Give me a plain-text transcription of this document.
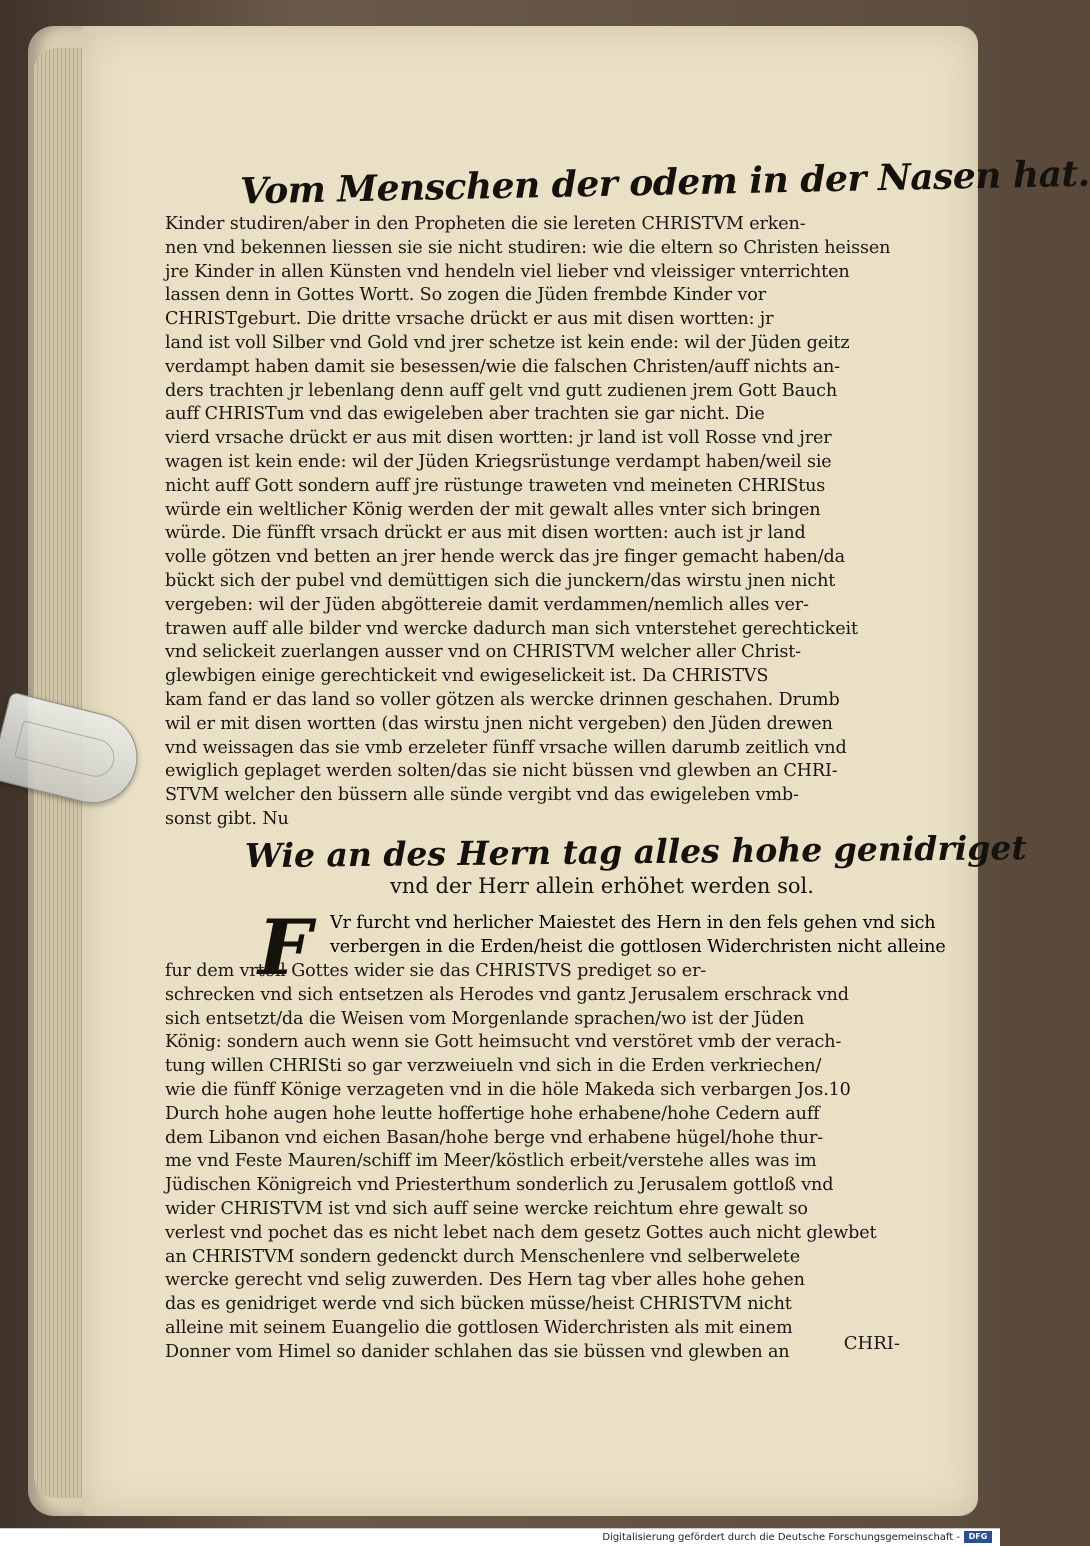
Vom Menschen der odem in der Nasen hat.
Kinder studiren/aber in den Propheten die sie lereten CHRISTVM erken-
nen vnd bekennen liessen sie sie nicht studiren: wie die eltern so Christen heissen
jre Kinder in allen Künsten vnd hendeln viel lieber vnd vleissiger vnterrichten
lassen denn in Gottes Wortt. So zogen die Jüden frembde Kinder vor
CHRISTgeburt. Die dritte vrsache drückt er aus mit disen wortten: jr
land ist voll Silber vnd Gold vnd jrer schetze ist kein ende: wil der Jüden geitz
verdampt haben damit sie besessen/wie die falschen Christen/auff nichts an-
ders trachten jr lebenlang denn auff gelt vnd gutt zudienen jrem Gott Bauch
auff CHRISTum vnd das ewigeleben aber trachten sie gar nicht. Die
vierd vrsache drückt er aus mit disen wortten: jr land ist voll Rosse vnd jrer
wagen ist kein ende: wil der Jüden Kriegsrüstunge verdampt haben/weil sie
nicht auff Gott sondern auff jre rüstunge traweten vnd meineten CHRIStus
würde ein weltlicher König werden der mit gewalt alles vnter sich bringen
würde. Die fünfft vrsach drückt er aus mit disen wortten: auch ist jr land
volle götzen vnd betten an jrer hende werck das jre finger gemacht haben/da
bückt sich der pubel vnd demüttigen sich die junckern/das wirstu jnen nicht
vergeben: wil der Jüden abgöttereie damit verdammen/nemlich alles ver-
trawen auff alle bilder vnd wercke dadurch man sich vnterstehet gerechtickeit
vnd selickeit zuerlangen ausser vnd on CHRISTVM welcher aller Christ-
glewbigen einige gerechtickeit vnd ewigeselickeit ist. Da CHRISTVS
kam fand er das land so voller götzen als wercke drinnen geschahen. Drumb
wil er mit disen wortten (das wirstu jnen nicht vergeben) den Jüden drewen
vnd weissagen das sie vmb erzeleter fünff vrsache willen darumb zeitlich vnd
ewiglich geplaget werden solten/das sie nicht büssen vnd glewben an CHRI-
STVM welcher den büssern alle sünde vergibt vnd das ewigeleben vmb-
sonst gibt. Nu
Wie an des Hern tag alles hohe genidriget
vnd der Herr allein erhöhet werden sol.
F	Vr furcht vnd herlicher Maiestet des Hern in den fels gehen vnd sich
verbergen in die Erden/heist die gottlosen Widerchristen nicht alleine
fur dem vrteil Gottes wider sie das CHRISTVS prediget so er-
schrecken vnd sich entsetzen als Herodes vnd gantz Jerusalem erschrack vnd
sich entsetzt/da die Weisen vom Morgenlande sprachen/wo ist der Jüden
König: sondern auch wenn sie Gott heimsucht vnd verstöret vmb der verach-
tung willen CHRISti so gar verzweiueln vnd sich in die Erden verkriechen/
wie die fünff Könige verzageten vnd in die höle Makeda sich verbargen Jos.10
Durch hohe augen hohe leutte hoffertige hohe erhabene/hohe Cedern auff
dem Libanon vnd eichen Basan/hohe berge vnd erhabene hügel/hohe thur-
me vnd Feste Mauren/schiff im Meer/köstlich erbeit/verstehe alles was im
Jüdischen Königreich vnd Priesterthum sonderlich zu Jerusalem gottloß vnd
wider CHRISTVM ist vnd sich auff seine wercke reichtum ehre gewalt so
verlest vnd pochet das es nicht lebet nach dem gesetz Gottes auch nicht glewbet
an CHRISTVM sondern gedenckt durch Menschenlere vnd selberwelete
wercke gerecht vnd selig zuwerden. Des Hern tag vber alles hohe gehen
das es genidriget werde vnd sich bücken müsse/heist CHRISTVM nicht
alleine mit seinem Euangelio die gottlosen Widerchristen als mit einem
Donner vom Himel so danider schlahen das sie büssen vnd glewben an	CHRI-
Digitalisierung gefördert durch die Deutsche Forschungsgemeinschaft -	DFG
